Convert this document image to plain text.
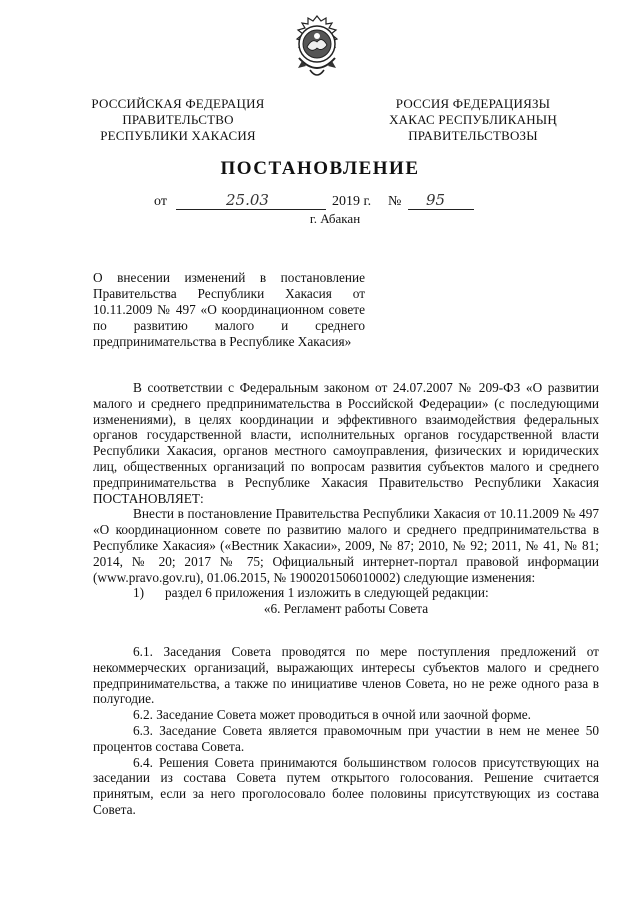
РОССИЙСКАЯ ФЕДЕРАЦИЯ
ПРАВИТЕЛЬСТВО
РЕСПУБЛИКИ ХАКАСИЯ
РОССИЯ ФЕДЕРАЦИЯЗЫ
ХАКАС РЕСПУБЛИКАНЫҢ
ПРАВИТЕЛЬСТВОЗЫ
ПОСТАНОВЛЕНИЕ
от	25.03	2019 г. № 95
г. Абакан
О внесении изменений в постановление Правительства Республики Хакасия от 10.11.2009 № 497 «О координационном совете по развитию малого и среднего предпринимательства в Республике Хакасия»

В соответствии с Федеральным законом от 24.07.2007 № 209-ФЗ «О развитии малого и среднего предпринимательства в Российской Федерации» (с последующими изменениями), в целях координации и эффективного взаимодействия федеральных органов государственной власти, исполнительных органов государственной власти Республики Хакасия, органов местного самоуправления, физических и юридических лиц, общественных организаций по вопросам развития субъектов малого и среднего предпринимательства в Республике Хакасия Правительство Республики Хакасия ПОСТАНОВЛЯЕТ:

Внести в постановление Правительства Республики Хакасия от 10.11.2009 № 497 «О координационном совете по развитию малого и среднего предпринимательства в Республике Хакасия» («Вестник Хакасии», 2009, № 87; 2010, № 92; 2011, № 41, № 81; 2014, № 20; 2017 № 75; Официальный интернет-портал правовой информации (www.pravo.gov.ru), 01.06.2015, № 1900201506010002) следующие изменения:

1)	раздел 6 приложения 1 изложить в следующей редакции:

«6. Регламент работы Совета

6.1. Заседания Совета проводятся по мере поступления предложений от некоммерческих организаций, выражающих интересы субъектов малого и среднего предпринимательства, а также по инициативе членов Совета, но не реже одного раза в полугодие.

6.2. Заседание Совета может проводиться в очной или заочной форме.

6.3. Заседание Совета является правомочным при участии в нем не менее 50 процентов состава Совета.

6.4. Решения Совета принимаются большинством голосов присутствующих на заседании из состава Совета путем открытого голосования. Решение считается принятым, если за него проголосовало более половины присутствующих из состава Совета.
